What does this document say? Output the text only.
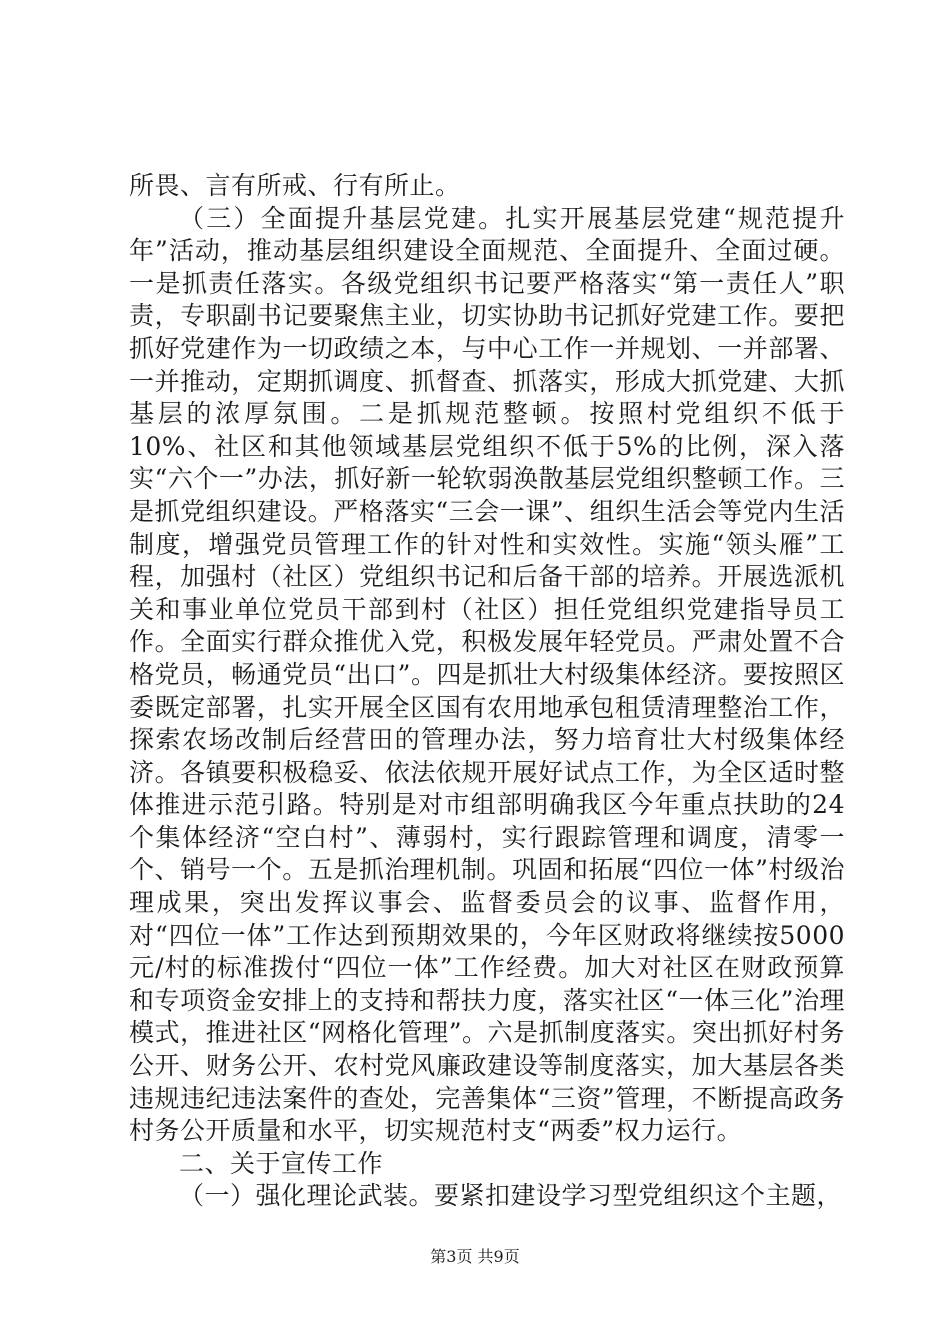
所畏、言有所戒、行有所止。

（三）全面提升基层党建。扎实开展基层党建“规范提升年”活动，推动基层组织建设全面规范、全面提升、全面过硬。一是抓责任落实。各级党组织书记要严格落实“第一责任人”职责，专职副书记要聚焦主业，切实协助书记抓好党建工作。要把抓好党建作为一切政绩之本，与中心工作一并规划、一并部署、一并推动，定期抓调度、抓督查、抓落实，形成大抓党建、大抓基层的浓厚氛围。二是抓规范整顿。按照村党组织不低于10%、社区和其他领域基层党组织不低于5%的比例，深入落实“六个一”办法，抓好新一轮软弱涣散基层党组织整顿工作。三是抓党组织建设。严格落实“三会一课”、组织生活会等党内生活制度，增强党员管理工作的针对性和实效性。实施“领头雁”工程，加强村（社区）党组织书记和后备干部的培养。开展选派机关和事业单位党员干部到村（社区）担任党组织党建指导员工作。全面实行群众推优入党，积极发展年轻党员。严肃处置不合格党员，畅通党员“出口”。四是抓壮大村级集体经济。要按照区委既定部署，扎实开展全区国有农用地承包租赁清理整治工作，探索农场改制后经营田的管理办法，努力培育壮大村级集体经济。各镇要积极稳妥、依法依规开展好试点工作，为全区适时整体推进示范引路。特别是对市组部明确我区今年重点扶助的24个集体经济“空白村”、薄弱村，实行跟踪管理和调度，清零一个、销号一个。五是抓治理机制。巩固和拓展“四位一体”村级治理成果，突出发挥议事会、监督委员会的议事、监督作用，对“四位一体”工作达到预期效果的，今年区财政将继续按5000元/村的标准拨付“四位一体”工作经费。加大对社区在财政预算和专项资金安排上的支持和帮扶力度，落实社区“一体三化”治理模式，推进社区“网格化管理”。六是抓制度落实。突出抓好村务公开、财务公开、农村党风廉政建设等制度落实，加大基层各类违规违纪违法案件的查处，完善集体“三资”管理，不断提高政务村务公开质量和水平，切实规范村支“两委”权力运行。

二、关于宣传工作

（一）强化理论武装。要紧扣建设学习型党组织这个主题，

第3页 共9页
